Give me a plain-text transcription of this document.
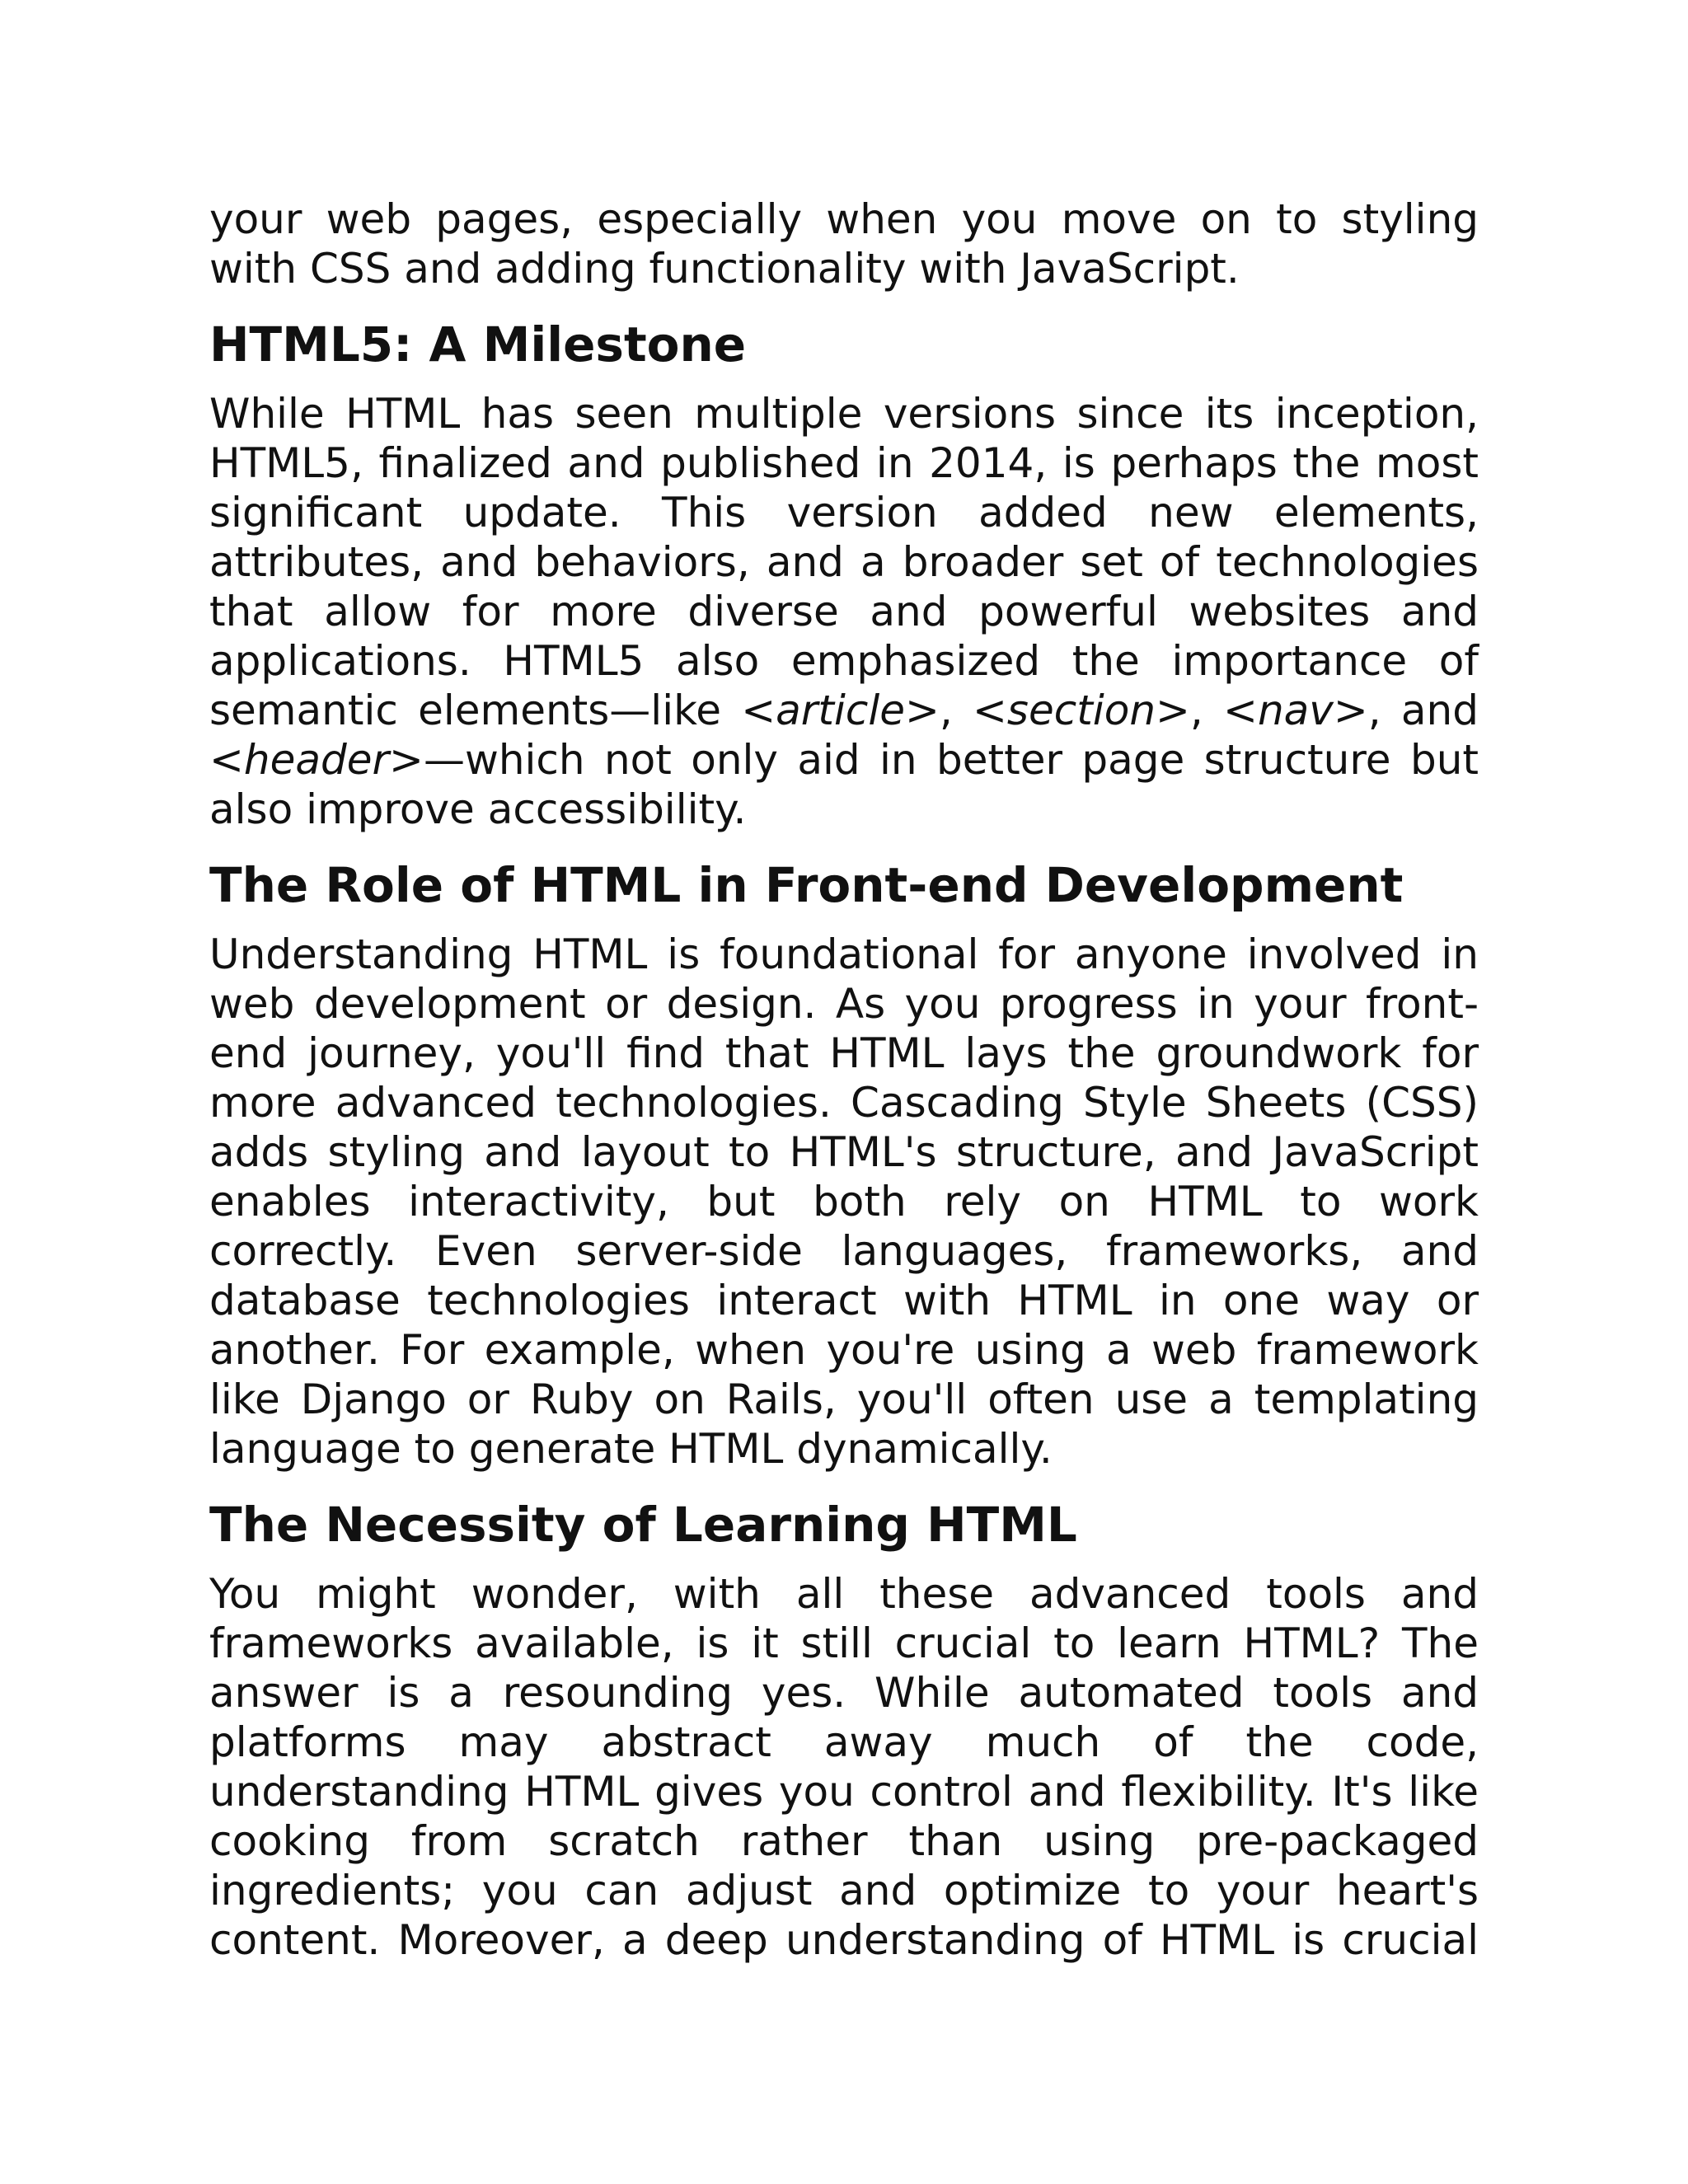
your web pages, especially when you move on to styling with CSS and adding functionality with JavaScript.

HTML5: A Milestone

While HTML has seen multiple versions since its inception, HTML5, finalized and published in 2014, is perhaps the most significant update. This version added new elements, attributes, and behaviors, and a broader set of technologies that allow for more diverse and powerful websites and applications. HTML5 also emphasized the importance of semantic elements—like <article>, <section>, <nav>, and <header>—which not only aid in better page structure but also improve accessibility.

The Role of HTML in Front-end Development

Understanding HTML is foundational for anyone involved in web development or design. As you progress in your front-end journey, you'll find that HTML lays the groundwork for more advanced technologies. Cascading Style Sheets (CSS) adds styling and layout to HTML's structure, and JavaScript enables interactivity, but both rely on HTML to work correctly. Even server-side languages, frameworks, and database technologies interact with HTML in one way or another. For example, when you're using a web framework like Django or Ruby on Rails, you'll often use a templating language to generate HTML dynamically.

The Necessity of Learning HTML

You might wonder, with all these advanced tools and frameworks available, is it still crucial to learn HTML? The answer is a resounding yes. While automated tools and platforms may abstract away much of the code, understanding HTML gives you control and flexibility. It's like cooking from scratch rather than using pre-packaged ingredients; you can adjust and optimize to your heart's content. Moreover, a deep understanding of HTML is crucial
